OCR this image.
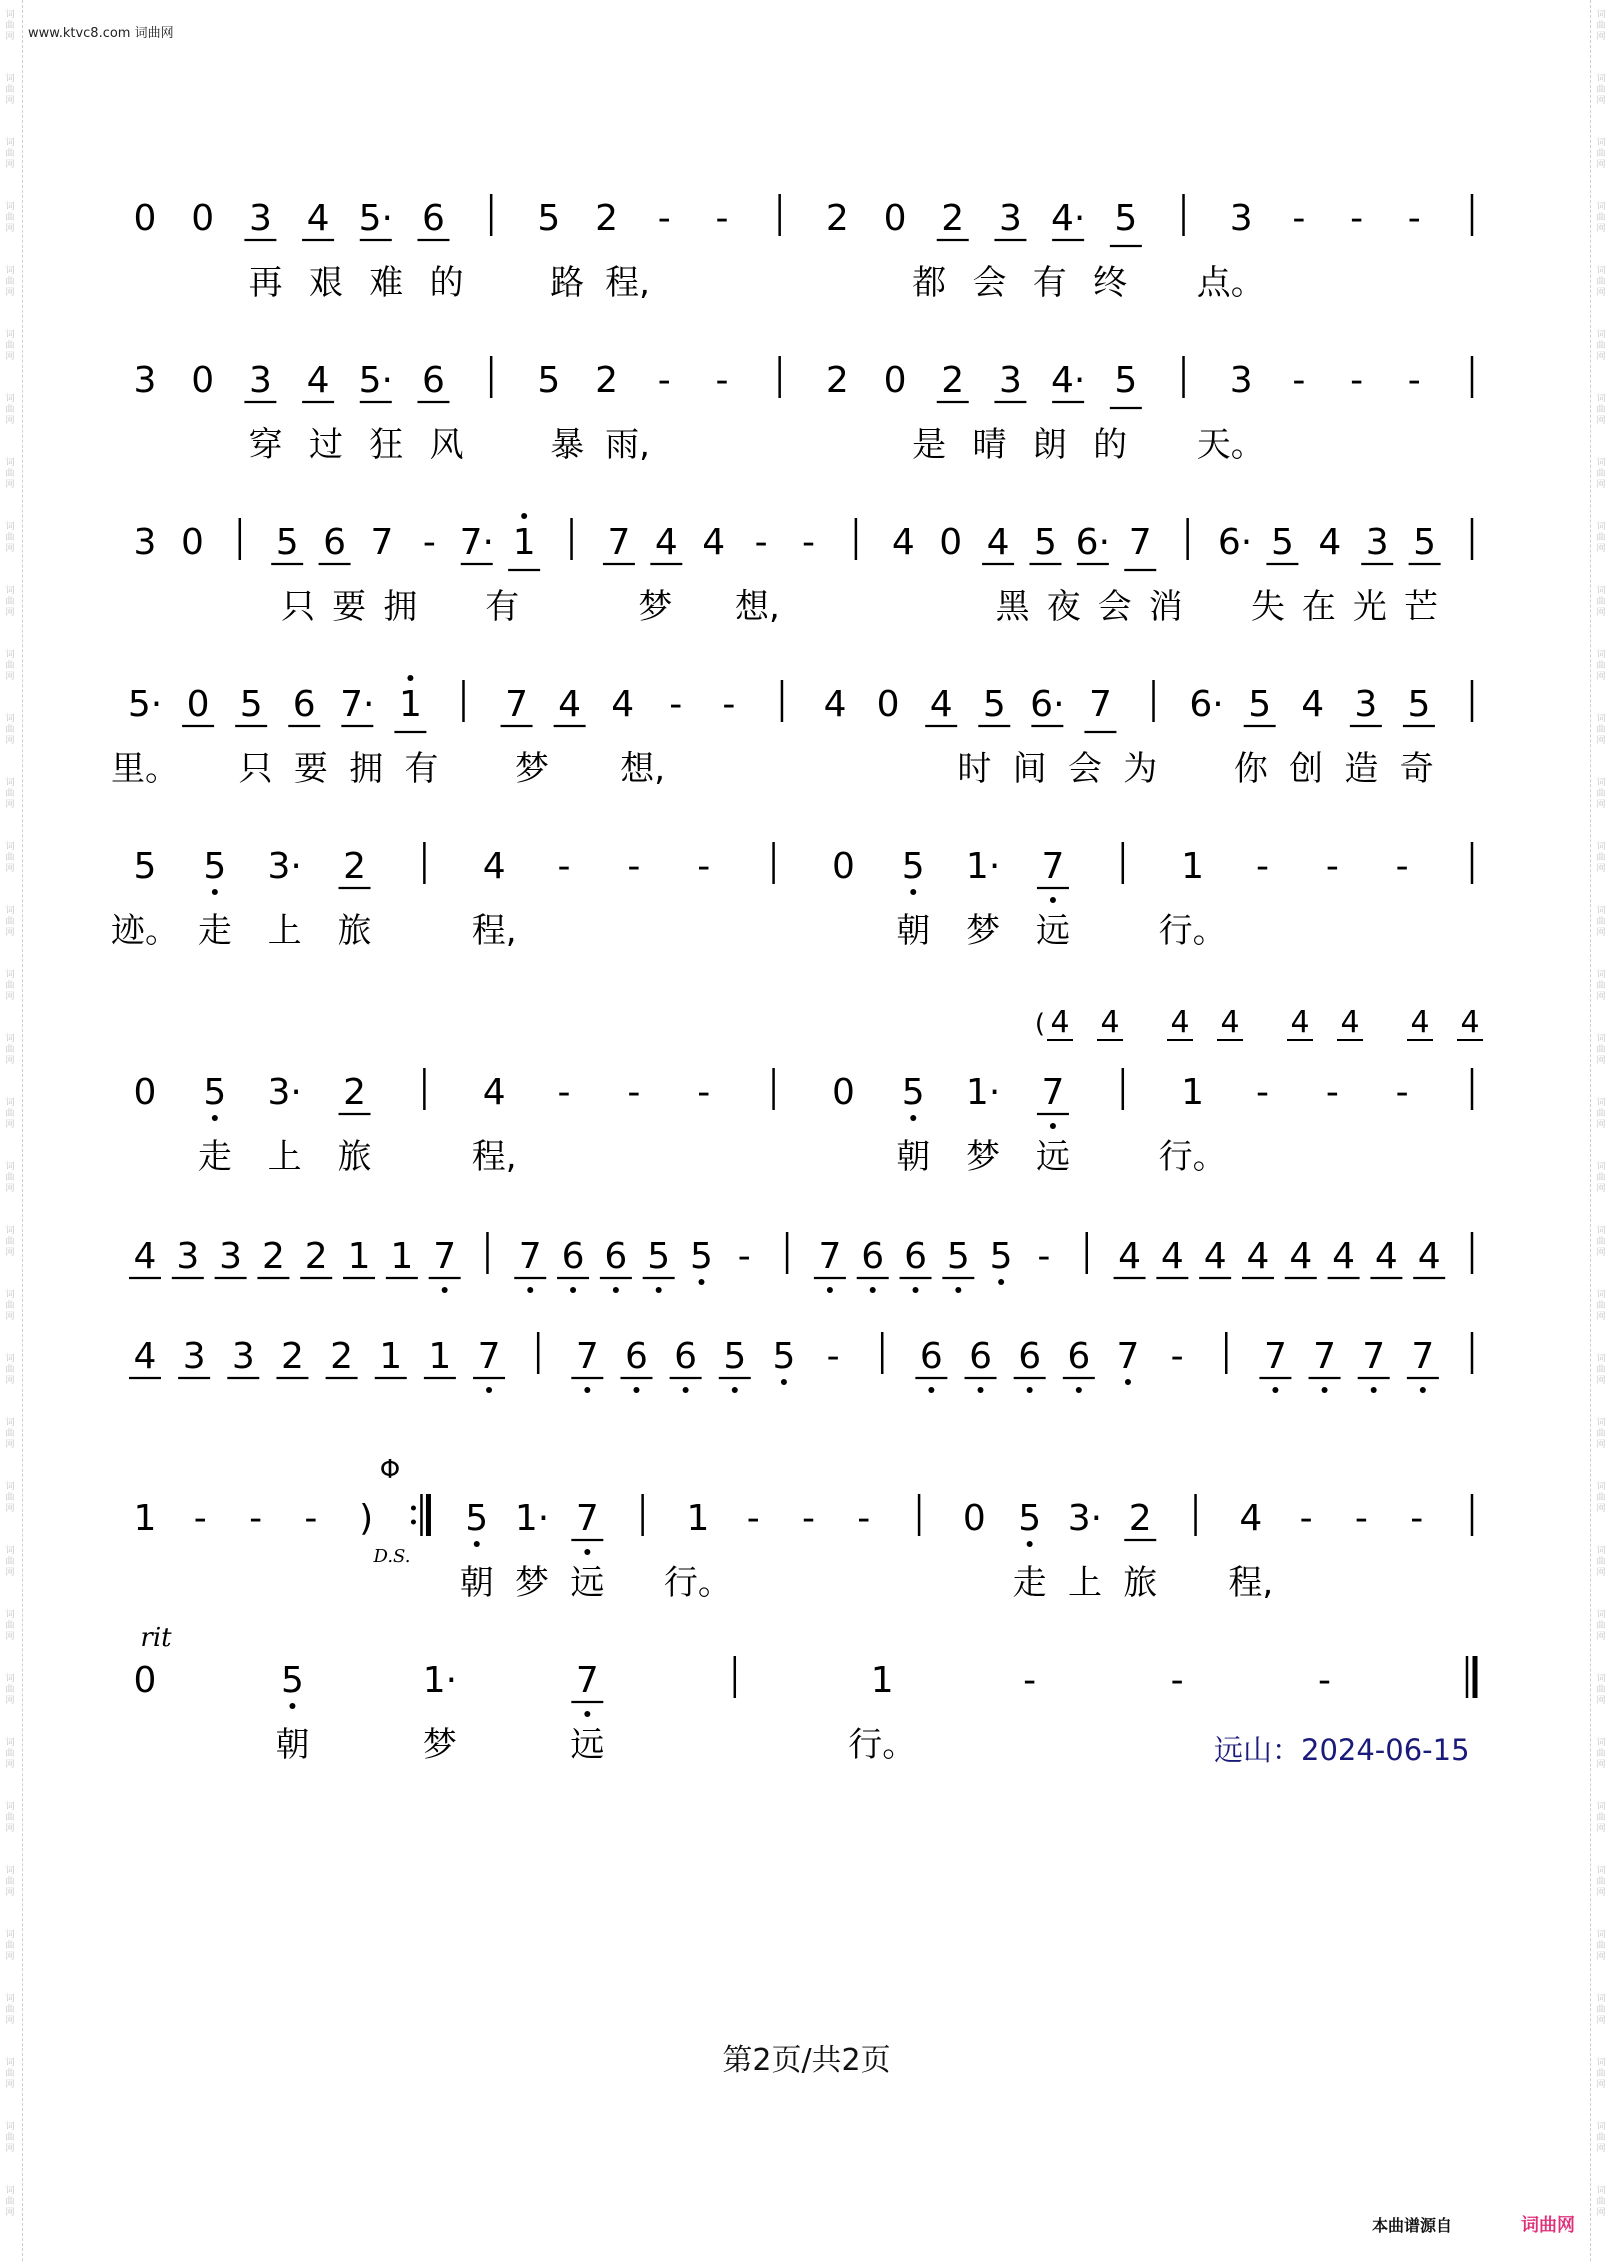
词
曲
网
词
曲
网
词
曲
网
词
曲
网
词
曲
网
词
曲
网
词
曲
网
词
曲
网
词
曲
网
词
曲
网
词
曲
网
词
曲
网
词
曲
网
词
曲
网
词
曲
网
词
曲
网
词
曲
网
词
曲
网
词
曲
网
词
曲
网
词
曲
网
词
曲
网
词
曲
网
词
曲
网
词
曲
网
词
曲
网
词
曲
网
词
曲
网
词
曲
网
词
曲
网
词
曲
网
词
曲
网
词
曲
网
词
曲
网
词
曲
网
词
曲
网
词
曲
网
词
曲
网
词
曲
网
词
曲
网
词
曲
网
词
曲
网
词
曲
网
词
曲
网
词
曲
网
词
曲
网
词
曲
网
词
曲
网
词
曲
网
词
曲
网
词
曲
网
词
曲
网
词
曲
网
词
曲
网
词
曲
网
词
曲
网
词
曲
网
词
曲
网
词
曲
网
词
曲
网
词
曲
网
词
曲
网
词
曲
网
词
曲
网
词
曲
网
词
曲
网
词
曲
网
词
曲
网
词
曲
网
词
曲
网
www.ktvc8.com 词曲网
0 0 3 4 5· 6	5 2 - -	2 0 2 3 4· 5	3 - - -
再 艰 难 的	路 程,	都 会 有 终 点。
3 0 3 4 5· 6	5 2 - -	2 0 2 3 4· 5	3 - - -
穿 过 狂 风	暴 雨,	是 晴 朗 的 天。
3 0 5 6 7 - 7· 1 7 4 4 - - 4 0 4 5 6· 7 6· 5 4 3 5
只 要 拥 有	梦 想,	黑 夜 会 消 失 在 光 芒
5· 0 5 6 7· 1 7 4 4 - - 4 0 4 5 6· 7 6· 5 4 3 5
里。 只 要 拥 有 梦 想,	时 间 会 为 你 创 造 奇
5 5 3· 2	4 - - -	0 5 1· 7	1 - - -
迹。 走 上 旅	程,	朝 梦 远	行。
0 5 3· 2	4 - - -	0 5 1· 7	1 - - -
走 上 旅	程,	朝 梦 远	行。
( 4 4 4 4 4 4 4 4
4 3 3 2 2 1 1 7 7 6 6 5 5 - 7 6 6 5 5 - 4 4 4 4 4 4 4 4
4 3 3 2 2 1 1 7 7 6 6 5 5 - 6 6 6 6 7 - 7 7 7 7
1 - - - )	5 1· 7 1 - - -	0 5 3· 2 4 - - -
朝 梦 远 行。	走 上 旅 程,
Φ
D.S.
0	5	1·	7	1	-	-	-
朝	梦	远	行。
rit
远山：2024-06-15
第2页/共2页
本曲谱源自	词曲网
